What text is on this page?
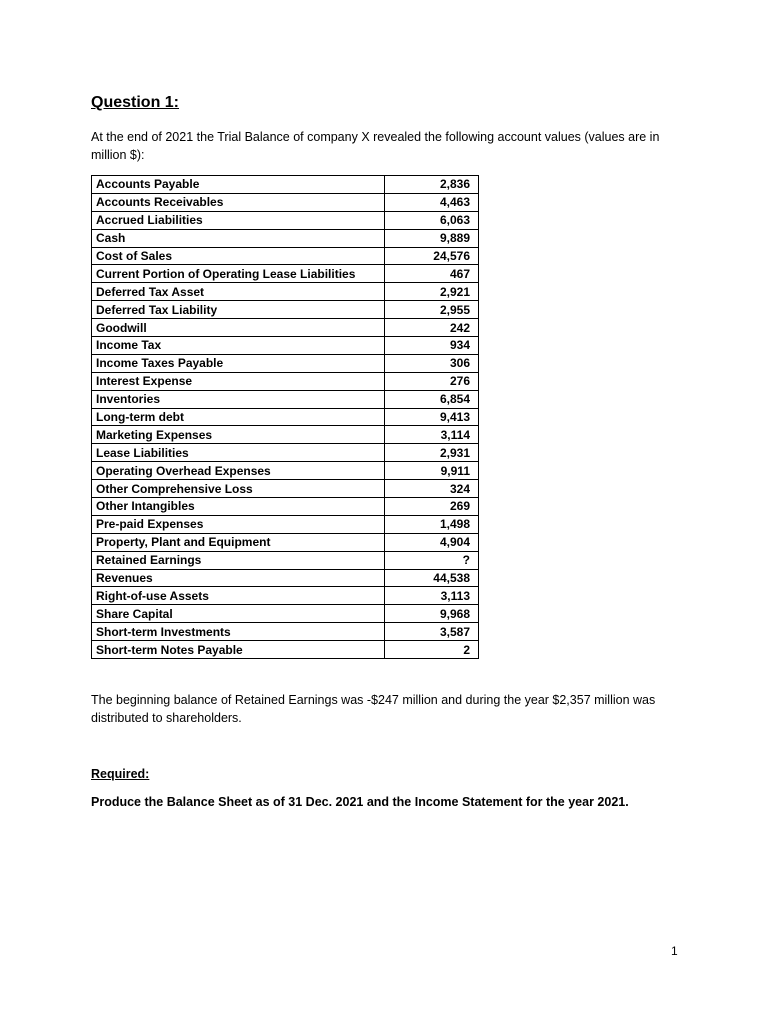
Question 1:

At the end of 2021 the Trial Balance of company X revealed the following account values (values are in million $):

Accounts Payable	2,836
Accounts Receivables	4,463
Accrued Liabilities	6,063
Cash	9,889
Cost of Sales	24,576
Current Portion of Operating Lease Liabilities	467
Deferred Tax Asset	2,921
Deferred Tax Liability	2,955
Goodwill	242
Income Tax	934
Income Taxes Payable	306
Interest Expense	276
Inventories	6,854
Long-term debt	9,413
Marketing Expenses	3,114
Lease Liabilities	2,931
Operating Overhead Expenses	9,911
Other Comprehensive Loss	324
Other Intangibles	269
Pre-paid Expenses	1,498
Property, Plant and Equipment	4,904
Retained Earnings	?
Revenues	44,538
Right-of-use Assets	3,113
Share Capital	9,968
Short-term Investments	3,587
Short-term Notes Payable	2

The beginning balance of Retained Earnings was -$247 million and during the year $2,357 million was distributed to shareholders.

Required:

Produce the Balance Sheet as of 31 Dec. 2021 and the Income Statement for the year 2021.

1
